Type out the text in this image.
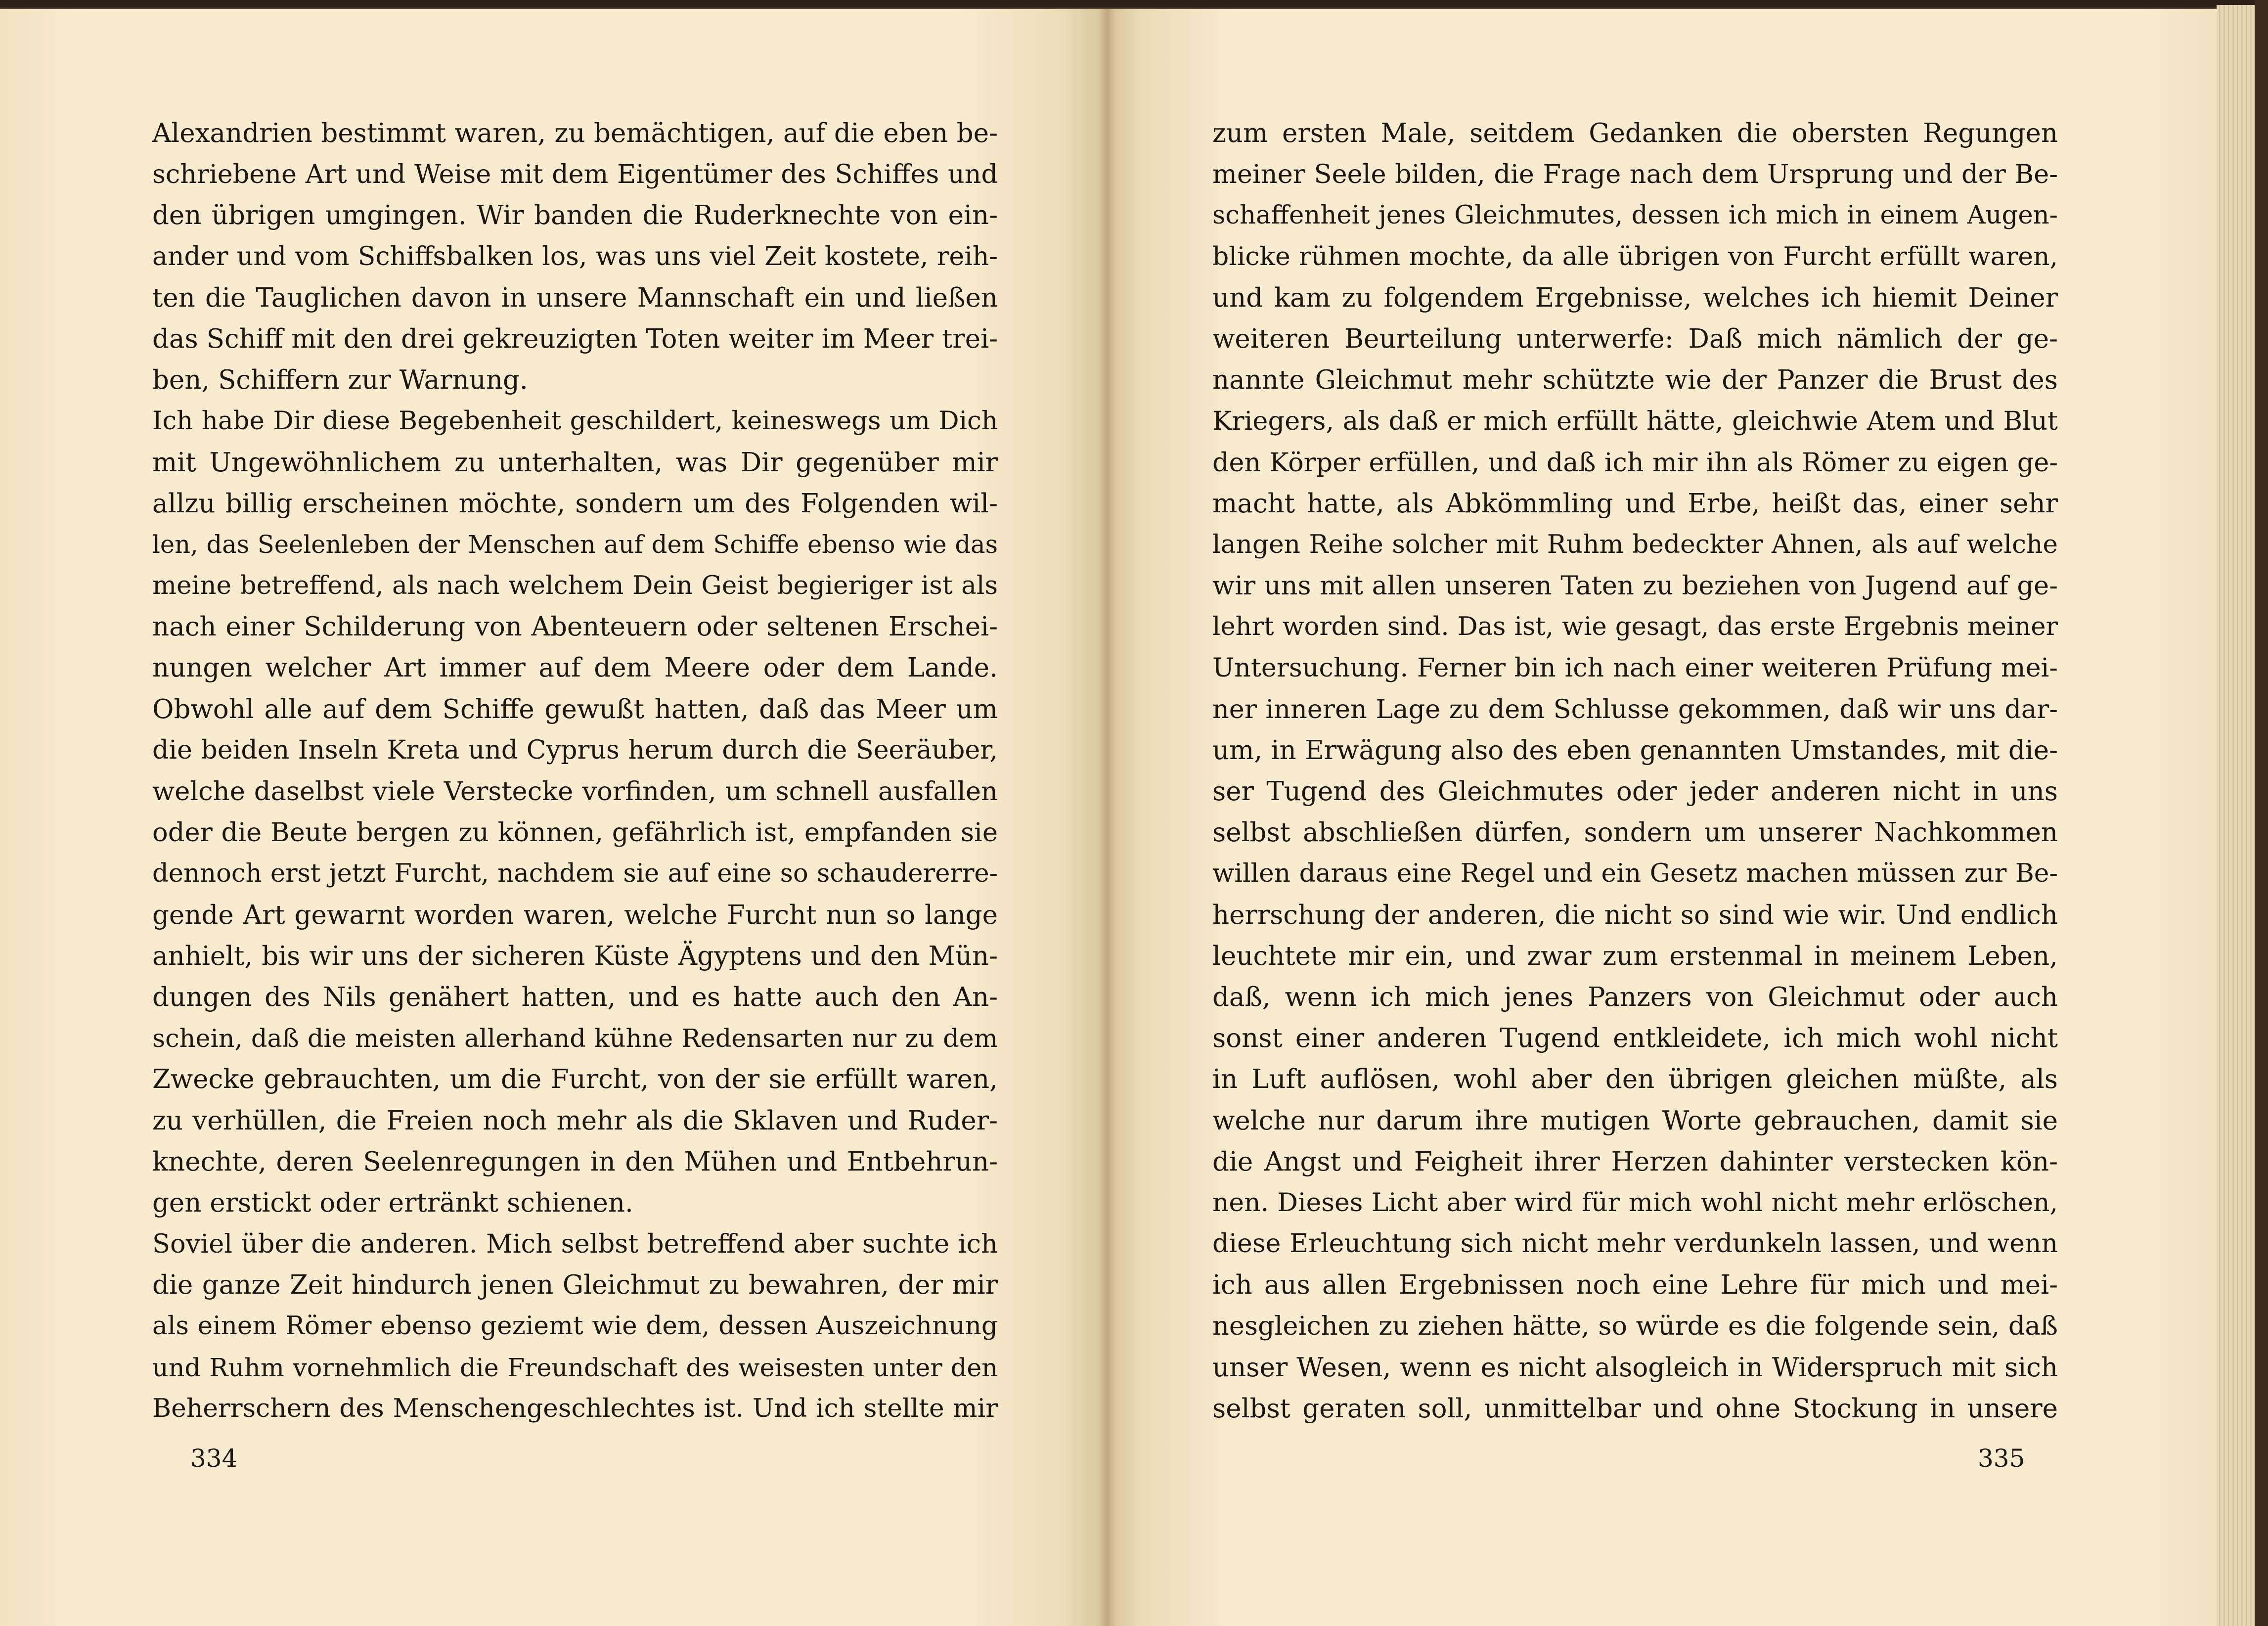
Alexandrien bestimmt waren, zu bemächtigen, auf die eben be-
schriebene Art und Weise mit dem Eigentümer des Schiffes und
den übrigen umgingen. Wir banden die Ruderknechte von ein-
ander und vom Schiffsbalken los, was uns viel Zeit kostete, reih-
ten die Tauglichen davon in unsere Mannschaft ein und ließen
das Schiff mit den drei gekreuzigten Toten weiter im Meer trei-
ben, Schiffern zur Warnung.
Ich habe Dir diese Begebenheit geschildert, keineswegs um Dich
mit Ungewöhnlichem zu unterhalten, was Dir gegenüber mir
allzu billig erscheinen möchte, sondern um des Folgenden wil-
len, das Seelenleben der Menschen auf dem Schiffe ebenso wie das
meine betreffend, als nach welchem Dein Geist begieriger ist als
nach einer Schilderung von Abenteuern oder seltenen Erschei-
nungen welcher Art immer auf dem Meere oder dem Lande.
Obwohl alle auf dem Schiffe gewußt hatten, daß das Meer um
die beiden Inseln Kreta und Cyprus herum durch die Seeräuber,
welche daselbst viele Verstecke vorfinden, um schnell ausfallen
oder die Beute bergen zu können, gefährlich ist, empfanden sie
dennoch erst jetzt Furcht, nachdem sie auf eine so schaudererre-
gende Art gewarnt worden waren, welche Furcht nun so lange
anhielt, bis wir uns der sicheren Küste Ägyptens und den Mün-
dungen des Nils genähert hatten, und es hatte auch den An-
schein, daß die meisten allerhand kühne Redensarten nur zu dem
Zwecke gebrauchten, um die Furcht, von der sie erfüllt waren,
zu verhüllen, die Freien noch mehr als die Sklaven und Ruder-
knechte, deren Seelenregungen in den Mühen und Entbehrun-
gen erstickt oder ertränkt schienen.
Soviel über die anderen. Mich selbst betreffend aber suchte ich
die ganze Zeit hindurch jenen Gleichmut zu bewahren, der mir
als einem Römer ebenso geziemt wie dem, dessen Auszeichnung
und Ruhm vornehmlich die Freundschaft des weisesten unter den
Beherrschern des Menschengeschlechtes ist. Und ich stellte mir
zum ersten Male, seitdem Gedanken die obersten Regungen
meiner Seele bilden, die Frage nach dem Ursprung und der Be-
schaffenheit jenes Gleichmutes, dessen ich mich in einem Augen-
blicke rühmen mochte, da alle übrigen von Furcht erfüllt waren,
und kam zu folgendem Ergebnisse, welches ich hiemit Deiner
weiteren Beurteilung unterwerfe: Daß mich nämlich der ge-
nannte Gleichmut mehr schützte wie der Panzer die Brust des
Kriegers, als daß er mich erfüllt hätte, gleichwie Atem und Blut
den Körper erfüllen, und daß ich mir ihn als Römer zu eigen ge-
macht hatte, als Abkömmling und Erbe, heißt das, einer sehr
langen Reihe solcher mit Ruhm bedeckter Ahnen, als auf welche
wir uns mit allen unseren Taten zu beziehen von Jugend auf ge-
lehrt worden sind. Das ist, wie gesagt, das erste Ergebnis meiner
Untersuchung. Ferner bin ich nach einer weiteren Prüfung mei-
ner inneren Lage zu dem Schlusse gekommen, daß wir uns dar-
um, in Erwägung also des eben genannten Umstandes, mit die-
ser Tugend des Gleichmutes oder jeder anderen nicht in uns
selbst abschließen dürfen, sondern um unserer Nachkommen
willen daraus eine Regel und ein Gesetz machen müssen zur Be-
herrschung der anderen, die nicht so sind wie wir. Und endlich
leuchtete mir ein, und zwar zum erstenmal in meinem Leben,
daß, wenn ich mich jenes Panzers von Gleichmut oder auch
sonst einer anderen Tugend entkleidete, ich mich wohl nicht
in Luft auflösen, wohl aber den übrigen gleichen müßte, als
welche nur darum ihre mutigen Worte gebrauchen, damit sie
die Angst und Feigheit ihrer Herzen dahinter verstecken kön-
nen. Dieses Licht aber wird für mich wohl nicht mehr erlöschen,
diese Erleuchtung sich nicht mehr verdunkeln lassen, und wenn
ich aus allen Ergebnissen noch eine Lehre für mich und mei-
nesgleichen zu ziehen hätte, so würde es die folgende sein, daß
unser Wesen, wenn es nicht alsogleich in Widerspruch mit sich
selbst geraten soll, unmittelbar und ohne Stockung in unsere
334	335
